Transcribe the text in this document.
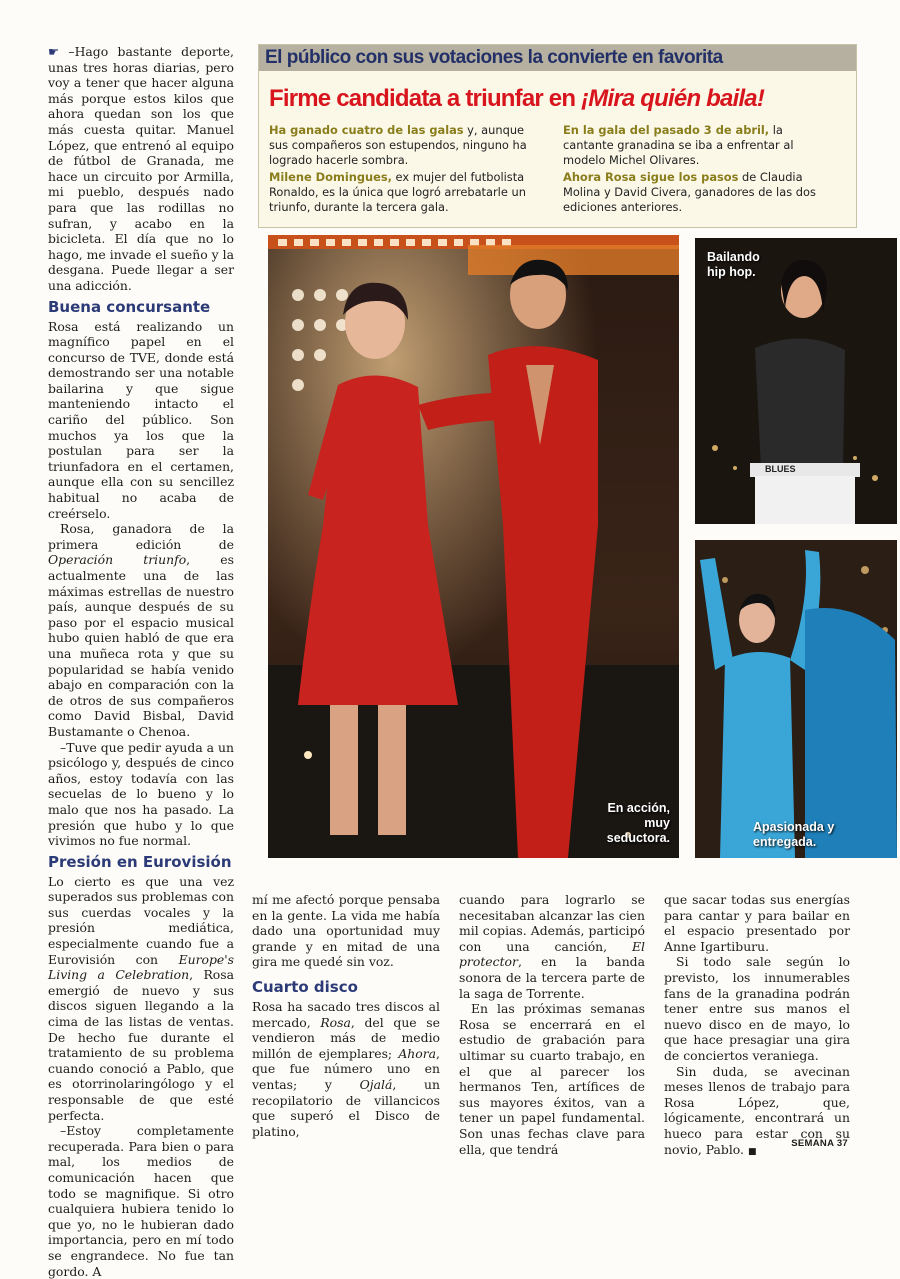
☛ –Hago bastante deporte, unas tres horas diarias, pero voy a tener que hacer alguna más porque estos kilos que ahora quedan son los que más cuesta quitar. Manuel López, que entrenó al equipo de fútbol de Granada, me hace un circuito por Armilla, mi pueblo, después nado para que las rodillas no sufran, y acabo en la bicicleta. El día que no lo hago, me invade el sueño y la desgana. Puede llegar a ser una adicción.

Buena concursante

Rosa está realizando un magnífico papel en el concurso de TVE, donde está demostrando ser una notable bailarina y que sigue manteniendo intacto el cariño del público. Son muchos ya los que la postulan para ser la triunfadora en el certamen, aunque ella con su sencillez habitual no acaba de creérselo.

Rosa, ganadora de la primera edición de Operación triunfo, es actualmente una de las máximas estrellas de nuestro país, aunque después de su paso por el espacio musical hubo quien habló de que era una muñeca rota y que su popularidad se había venido abajo en comparación con la de otros de sus compañeros como David Bisbal, David Bustamante o Chenoa.

–Tuve que pedir ayuda a un psicólogo y, después de cinco años, estoy todavía con las secuelas de lo bueno y lo malo que nos ha pasado. La presión que hubo y lo que vivimos no fue normal.

Presión en Eurovisión

Lo cierto es que una vez superados sus problemas con sus cuerdas vocales y la presión mediática, especialmente cuando fue a Eurovisión con Europe's Living a Celebration, Rosa emergió de nuevo y sus discos siguen llegando a la cima de las listas de ventas. De hecho fue durante el tratamiento de su problema cuando conoció a Pablo, que es otorrinolaringólogo y el responsable de que esté perfecta.

–Estoy completamente recuperada. Para bien o para mal, los medios de comunicación hacen que todo se magnifique. Si otro cualquiera hubiera tenido lo que yo, no le hubieran dado importancia, pero en mí todo se engrandece. No fue tan gordo. A

El público con sus votaciones la convierte en favorita
Firme candidata a triunfar en ¡Mira quién baila!

Ha ganado cuatro de las galas y, aunque sus compañeros son estupendos, ninguno ha logrado hacerle sombra.

Milene Domingues, ex mujer del futbolista Ronaldo, es la única que logró arrebatarle un triunfo, durante la tercera gala.

En la gala del pasado 3 de abril, la cantante granadina se iba a enfrentar al modelo Michel Olivares.

Ahora Rosa sigue los pasos de Claudia Molina y David Civera, ganadores de las dos ediciones anteriores.

En acción, muy seductora.
BLUES
Bailando hip hop.
Apasionada y entregada.

mí me afectó porque pensaba en la gente. La vida me había dado una oportunidad muy grande y en mitad de una gira me quedé sin voz.

Cuarto disco

Rosa ha sacado tres discos al mercado, Rosa, del que se vendieron más de medio millón de ejemplares; Ahora, que fue número uno en ventas; y Ojalá, un recopilatorio de villancicos que superó el Disco de platino,

cuando para lograrlo se necesitaban alcanzar las cien mil copias. Además, participó con una canción, El protector, en la banda sonora de la tercera parte de la saga de Torrente.

En las próximas semanas Rosa se encerrará en el estudio de grabación para ultimar su cuarto trabajo, en el que al parecer los hermanos Ten, artífices de sus mayores éxitos, van a tener un papel fundamental. Son unas fechas clave para ella, que tendrá

que sacar todas sus energías para cantar y para bailar en el espacio presentado por Anne Igartiburu.

Si todo sale según lo previsto, los innumerables fans de la granadina podrán tener entre sus manos el nuevo disco en de mayo, lo que hace presagiar una gira de conciertos veraniega.

Sin duda, se avecinan meses llenos de trabajo para Rosa López, que, lógicamente, encontrará un hueco para estar con su novio, Pablo. ■

SEMANA 37
